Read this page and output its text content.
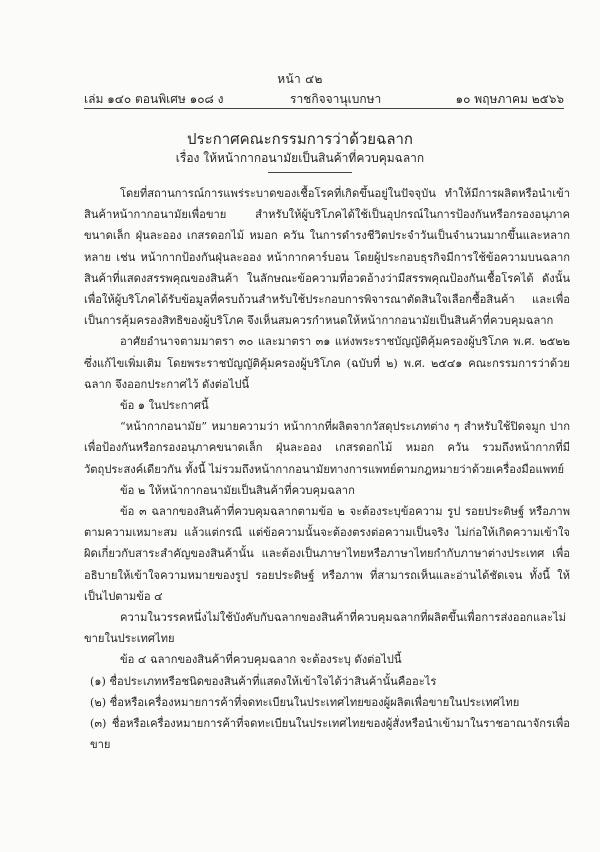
หน้า ๔๒
เล่ม ๑๔๐ ตอนพิเศษ ๑๐๘ ง	ราชกิจจานุเบกษา	๑๐ พฤษภาคม ๒๕๖๖
ประกาศคณะกรรมการว่าด้วยฉลาก
เรื่อง ให้หน้ากากอนามัยเป็นสินค้าที่ควบคุมฉลาก

โดยที่สถานการณ์การแพร่ระบาดของเชื้อโรคที่เกิดขึ้นอยู่ในปัจจุบัน ทำให้มีการผลิตหรือนำเข้าสินค้าหน้ากากอนามัยเพื่อขาย สำหรับให้ผู้บริโภคได้ใช้เป็นอุปกรณ์ในการป้องกันหรือกรองอนุภาคขนาดเล็ก ฝุ่นละออง เกสรดอกไม้ หมอก ควัน ในการดำรงชีวิตประจำวันเป็นจำนวนมากขึ้นและหลากหลาย เช่น หน้ากากป้องกันฝุ่นละออง หน้ากากคาร์บอน โดยผู้ประกอบธุรกิจมีการใช้ข้อความบนฉลากสินค้าที่แสดงสรรพคุณของสินค้า ในลักษณะข้อความที่อวดอ้างว่ามีสรรพคุณป้องกันเชื้อโรคได้ ดังนั้น เพื่อให้ผู้บริโภคได้รับข้อมูลที่ครบถ้วนสำหรับใช้ประกอบการพิจารณาตัดสินใจเลือกซื้อสินค้า และเพื่อเป็นการคุ้มครองสิทธิของผู้บริโภค จึงเห็นสมควรกำหนดให้หน้ากากอนามัยเป็นสินค้าที่ควบคุมฉลาก

อาศัยอำนาจตามมาตรา ๓๐ และมาตรา ๓๑ แห่งพระราชบัญญัติคุ้มครองผู้บริโภค พ.ศ. ๒๕๒๒ ซึ่งแก้ไขเพิ่มเติม โดยพระราชบัญญัติคุ้มครองผู้บริโภค (ฉบับที่ ๒) พ.ศ. ๒๕๔๑ คณะกรรมการว่าด้วยฉลาก จึงออกประกาศไว้ ดังต่อไปนี้

ข้อ ๑ ในประกาศนี้

“หน้ากากอนามัย” หมายความว่า หน้ากากที่ผลิตจากวัสดุประเภทต่าง ๆ สำหรับใช้ปิดจมูก ปาก เพื่อป้องกันหรือกรองอนุภาคขนาดเล็ก ฝุ่นละออง เกสรดอกไม้ หมอก ควัน รวมถึงหน้ากากที่มีวัตถุประสงค์เดียวกัน ทั้งนี้ ไม่รวมถึงหน้ากากอนามัยทางการแพทย์ตามกฎหมายว่าด้วยเครื่องมือแพทย์

ข้อ ๒ ให้หน้ากากอนามัยเป็นสินค้าที่ควบคุมฉลาก

ข้อ ๓ ฉลากของสินค้าที่ควบคุมฉลากตามข้อ ๒ จะต้องระบุข้อความ รูป รอยประดิษฐ์ หรือภาพตามความเหมาะสม แล้วแต่กรณี แต่ข้อความนั้นจะต้องตรงต่อความเป็นจริง ไม่ก่อให้เกิดความเข้าใจผิดเกี่ยวกับสาระสำคัญของสินค้านั้น และต้องเป็นภาษาไทยหรือภาษาไทยกำกับภาษาต่างประเทศ เพื่ออธิบายให้เข้าใจความหมายของรูป รอยประดิษฐ์ หรือภาพ ที่สามารถเห็นและอ่านได้ชัดเจน ทั้งนี้ ให้เป็นไปตามข้อ ๔

ความในวรรคหนึ่งไม่ใช้บังคับกับฉลากของสินค้าที่ควบคุมฉลากที่ผลิตขึ้นเพื่อการส่งออกและไม่ขายในประเทศไทย

ข้อ ๔ ฉลากของสินค้าที่ควบคุมฉลาก จะต้องระบุ ดังต่อไปนี้

(๑) ชื่อประเภทหรือชนิดของสินค้าที่แสดงให้เข้าใจได้ว่าสินค้านั้นคืออะไร

(๒) ชื่อหรือเครื่องหมายการค้าที่จดทะเบียนในประเทศไทยของผู้ผลิตเพื่อขายในประเทศไทย

(๓) ชื่อหรือเครื่องหมายการค้าที่จดทะเบียนในประเทศไทยของผู้สั่งหรือนำเข้ามาในราชอาณาจักรเพื่อขาย
